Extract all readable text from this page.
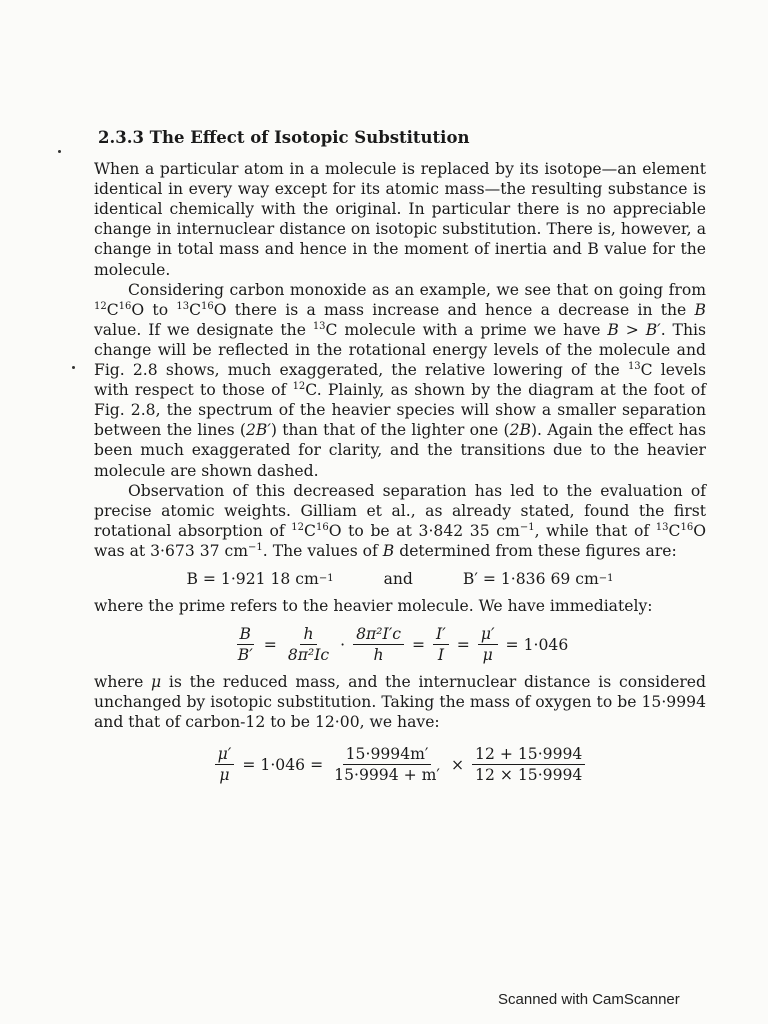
2.3.3 The Effect of Isotopic Substitution

When a particular atom in a molecule is replaced by its isotope—an element identical in every way except for its atomic mass—the resulting substance is identical chemically with the original. In particular there is no appreciable change in internuclear distance on isotopic substitution. There is, however, a change in total mass and hence in the moment of inertia and B value for the molecule.

Considering carbon monoxide as an example, we see that on going from $^{12}C^{16}O$ to $^{13}C^{16}O$ there is a mass increase and hence a decrease in the B value. If we designate the $^{13}$C molecule with a prime we have B > B′. This change will be reflected in the rotational energy levels of the molecule and Fig. 2.8 shows, much exaggerated, the relative lowering of the $^{13}$C levels with respect to those of $^{12}$C. Plainly, as shown by the diagram at the foot of Fig. 2.8, the spectrum of the heavier species will show a smaller separation between the lines (2B′) than that of the lighter one (2B). Again the effect has been much exaggerated for clarity, and the transitions due to the heavier molecule are shown dashed.

Observation of this decreased separation has led to the evaluation of precise atomic weights. Gilliam et al., as already stated, found the first rotational absorption of $^{12}C^{16}O$ to be at 3·842 35 $cm^{-1}$, while that of $^{13}C^{16}O$ was at 3·673 37 $cm^{-1}$. The values of B determined from these figures are:

B = 1·921 18 cm −1	and	B′ = 1·836 69 cm −1

where the prime refers to the heavier molecule. We have immediately:

$\frac{B}{B'} = \frac{h}{\text{8π²Ic}} \cdot \frac{\text{8π²I′c}}{h} = \frac{I'}{I} = \frac{\mu'}{\mu} = 1\cdot 046$

where μ is the reduced mass, and the internuclear distance is considered unchanged by isotopic substitution. Taking the mass of oxygen to be 15·9994 and that of carbon-12 to be 12·00, we have:

$\frac{\mu'}{\mu} = 1\cdot 046 = \frac{15\cdot 9994m'}{15\cdot 9994 + m'} \times \frac{12 + 15\cdot 9994}{12 \times 15\cdot 9994}$
Scanned with CamScanner
